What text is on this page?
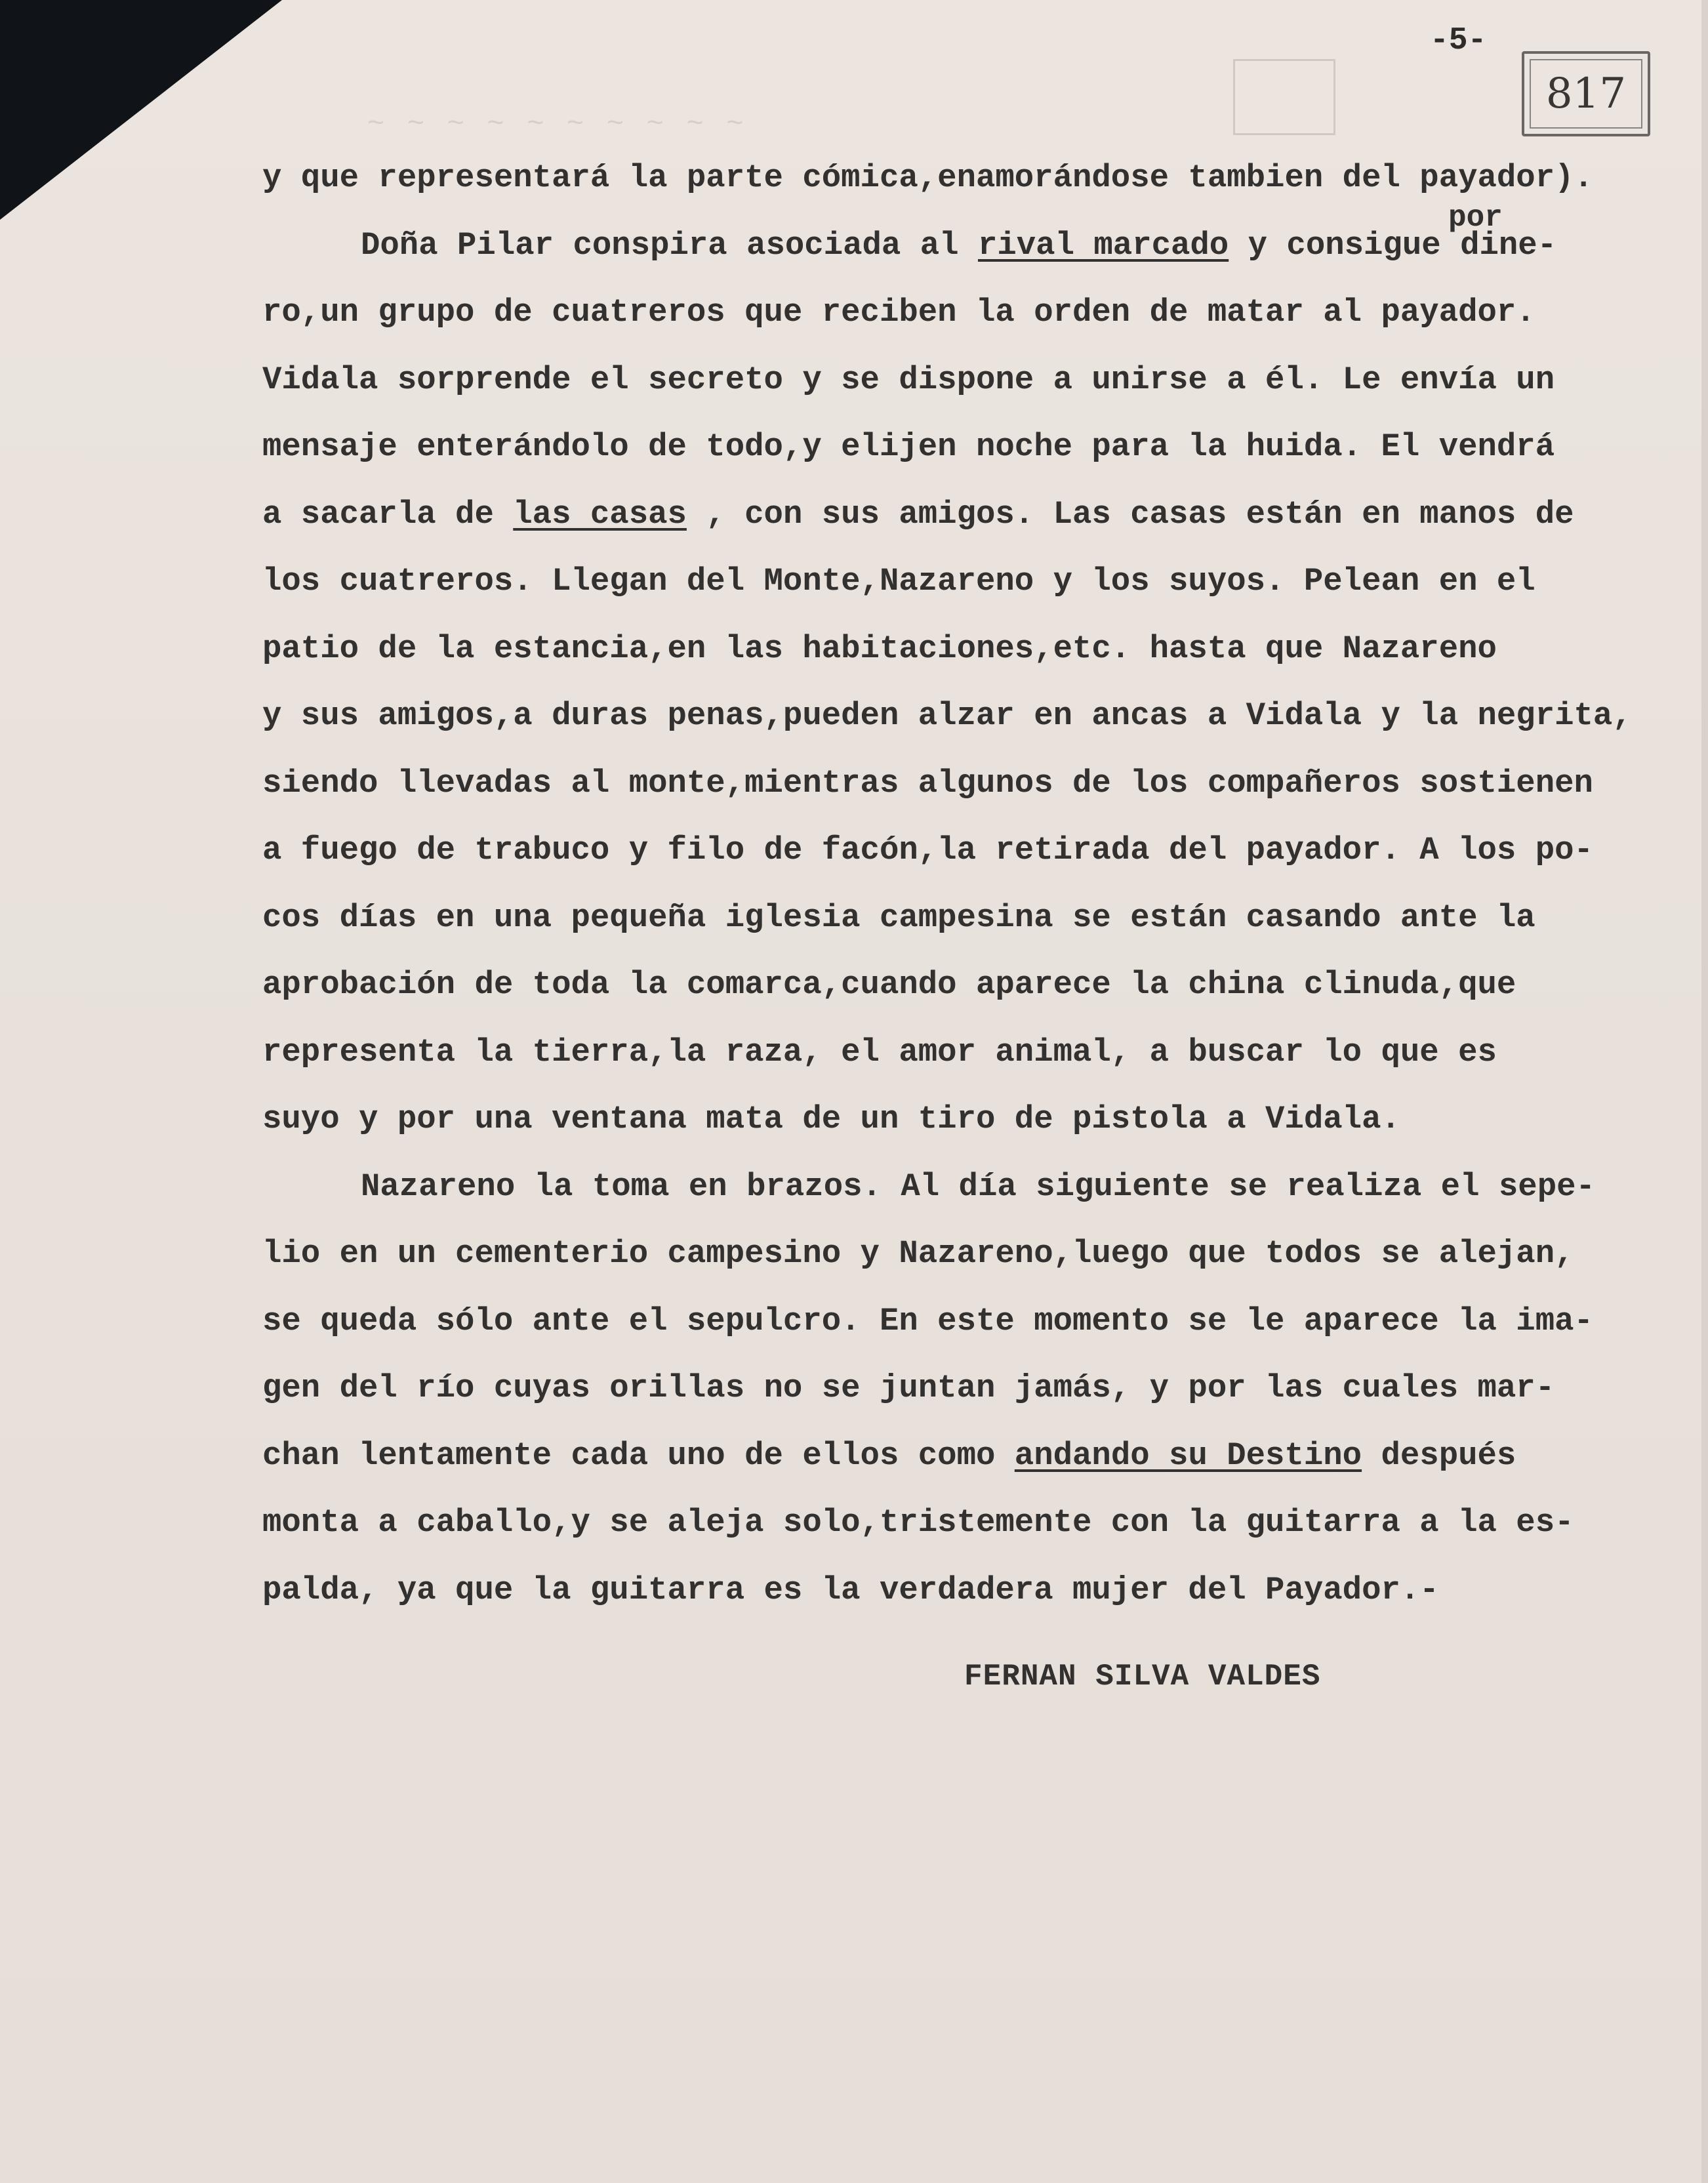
~ ~ ~ ~ ~ ~ ~ ~ ~ ~
-5-
817
por
y que representará la parte cómica,enamorándose tambien del payador).
Doña Pilar conspira asociada al rival marcado y consigue dine-
ro,un grupo de cuatreros que reciben la orden de matar al payador.
Vidala sorprende el secreto y se dispone a unirse a él. Le envía un
mensaje enterándolo de todo,y elijen noche para la huida. El vendrá
a sacarla de las casas , con sus amigos. Las casas están en manos de
los cuatreros. Llegan del Monte,Nazareno y los suyos. Pelean en el
patio de la estancia,en las habitaciones,etc. hasta que Nazareno
y sus amigos,a duras penas,pueden alzar en ancas a Vidala y la negrita,
siendo llevadas al monte,mientras algunos de los compañeros sostienen
a fuego de trabuco y filo de facón,la retirada del payador. A los po-
cos días en una pequeña iglesia campesina se están casando ante la
aprobación de toda la comarca,cuando aparece la china clinuda,que
representa la tierra,la raza, el amor animal, a buscar lo que es
suyo y por una ventana mata de un tiro de pistola a Vidala.
Nazareno la toma en brazos. Al día siguiente se realiza el sepe-
lio en un cementerio campesino y Nazareno,luego que todos se alejan,
se queda sólo ante el sepulcro. En este momento se le aparece la ima-
gen del río cuyas orillas no se juntan jamás, y por las cuales mar-
chan lentamente cada uno de ellos como andando su Destino después
monta a caballo,y se aleja solo,tristemente con la guitarra a la es-
palda, ya que la guitarra es la verdadera mujer del Payador.-
FERNAN SILVA VALDES
